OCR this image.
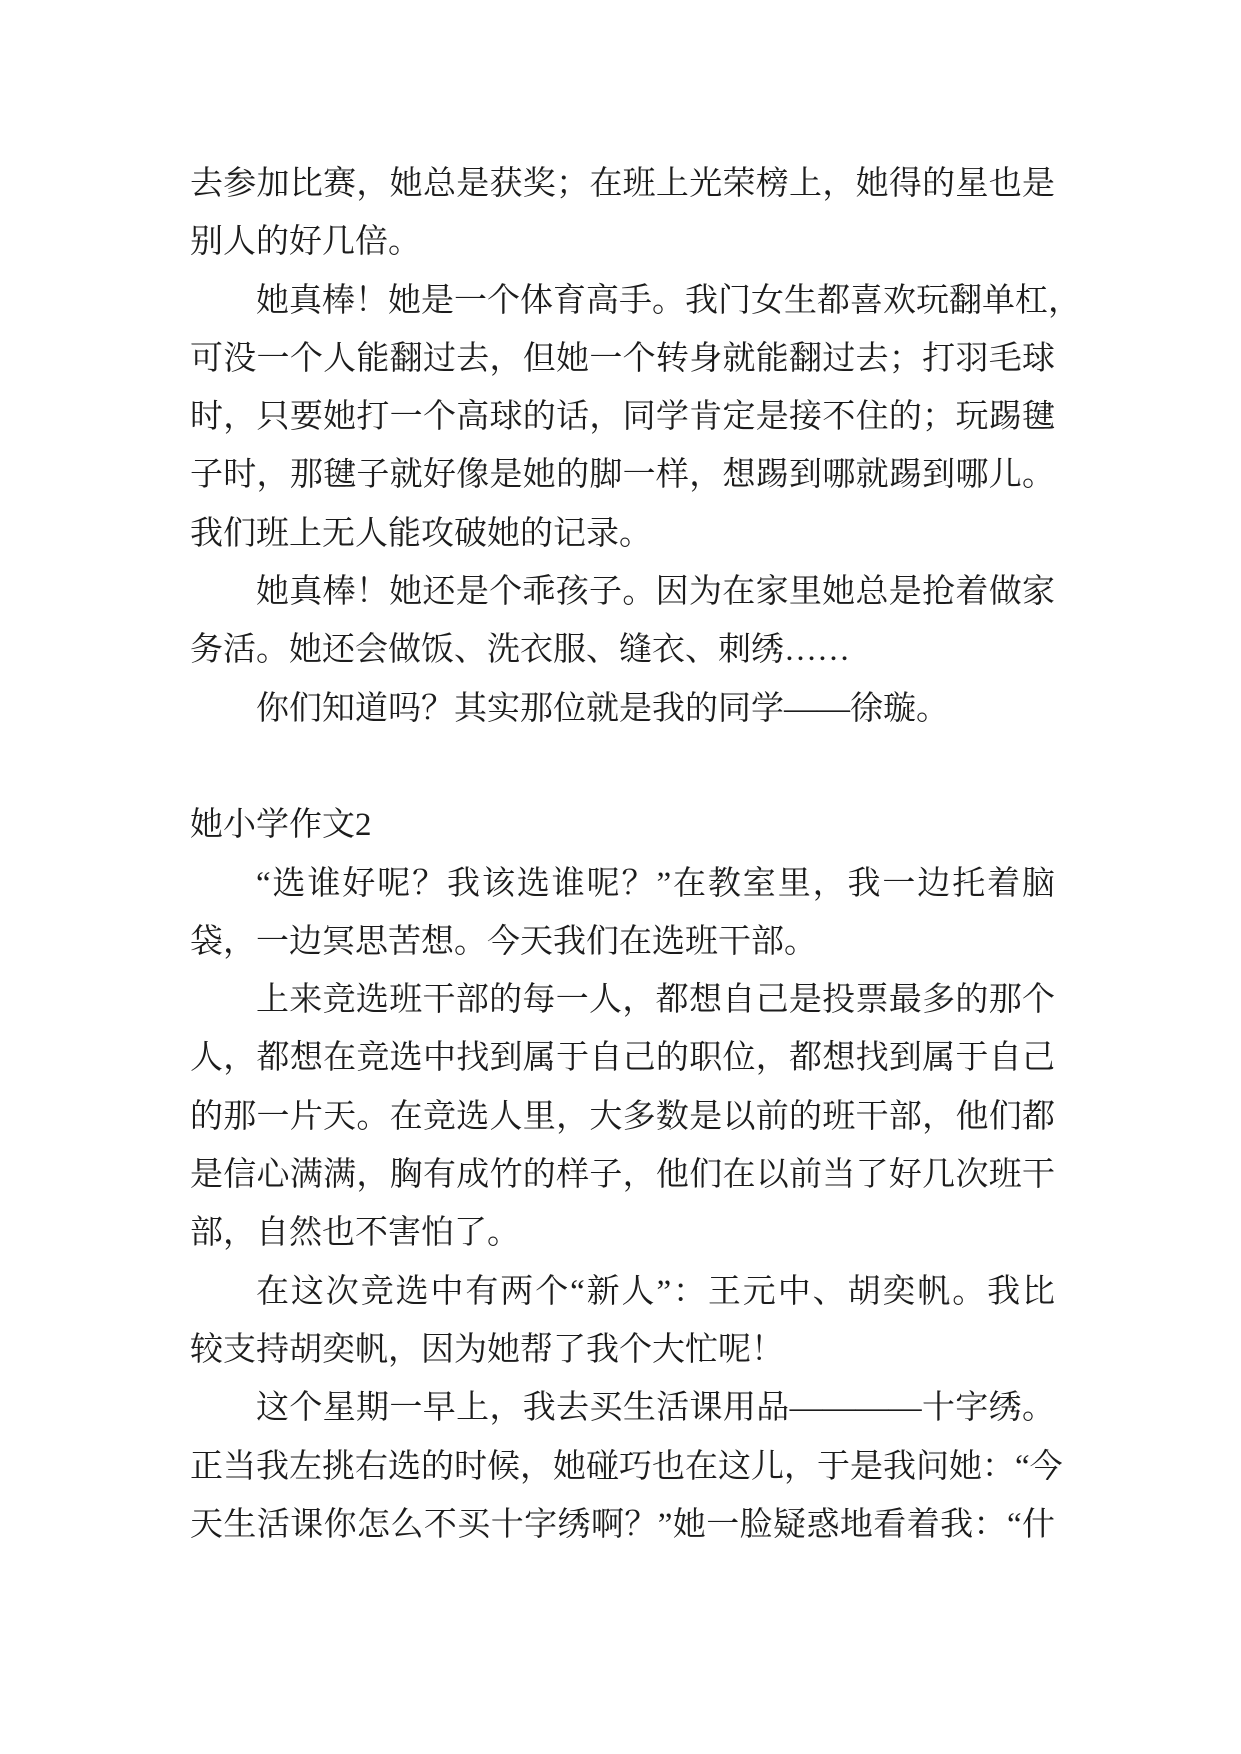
去参加比赛，她总是获奖；在班上光荣榜上，她得的星也是
别人的好几倍。
她真棒！她是一个体育高手。我门女生都喜欢玩翻单杠，
可没一个人能翻过去，但她一个转身就能翻过去；打羽毛球
时，只要她打一个高球的话，同学肯定是接不住的；玩踢毽
子时，那毽子就好像是她的脚一样，想踢到哪就踢到哪儿。
我们班上无人能攻破她的记录。
她真棒！她还是个乖孩子。因为在家里她总是抢着做家
务活。她还会做饭、洗衣服、缝衣、刺绣……
你们知道吗？其实那位就是我的同学——徐璇。
她小学作文2
“选谁好呢？我该选谁呢？”在教室里，我一边托着脑
袋，一边冥思苦想。今天我们在选班干部。
上来竞选班干部的每一人，都想自己是投票最多的那个
人，都想在竞选中找到属于自己的职位，都想找到属于自己
的那一片天。在竞选人里，大多数是以前的班干部，他们都
是信心满满，胸有成竹的样子，他们在以前当了好几次班干
部，自然也不害怕了。
在这次竞选中有两个“新人”：王元中、胡奕帆。我比
较支持胡奕帆，因为她帮了我个大忙呢！
这个星期一早上，我去买生活课用品————十字绣。
正当我左挑右选的时候，她碰巧也在这儿，于是我问她：“今
天生活课你怎么不买十字绣啊？”她一脸疑惑地看着我：“什
